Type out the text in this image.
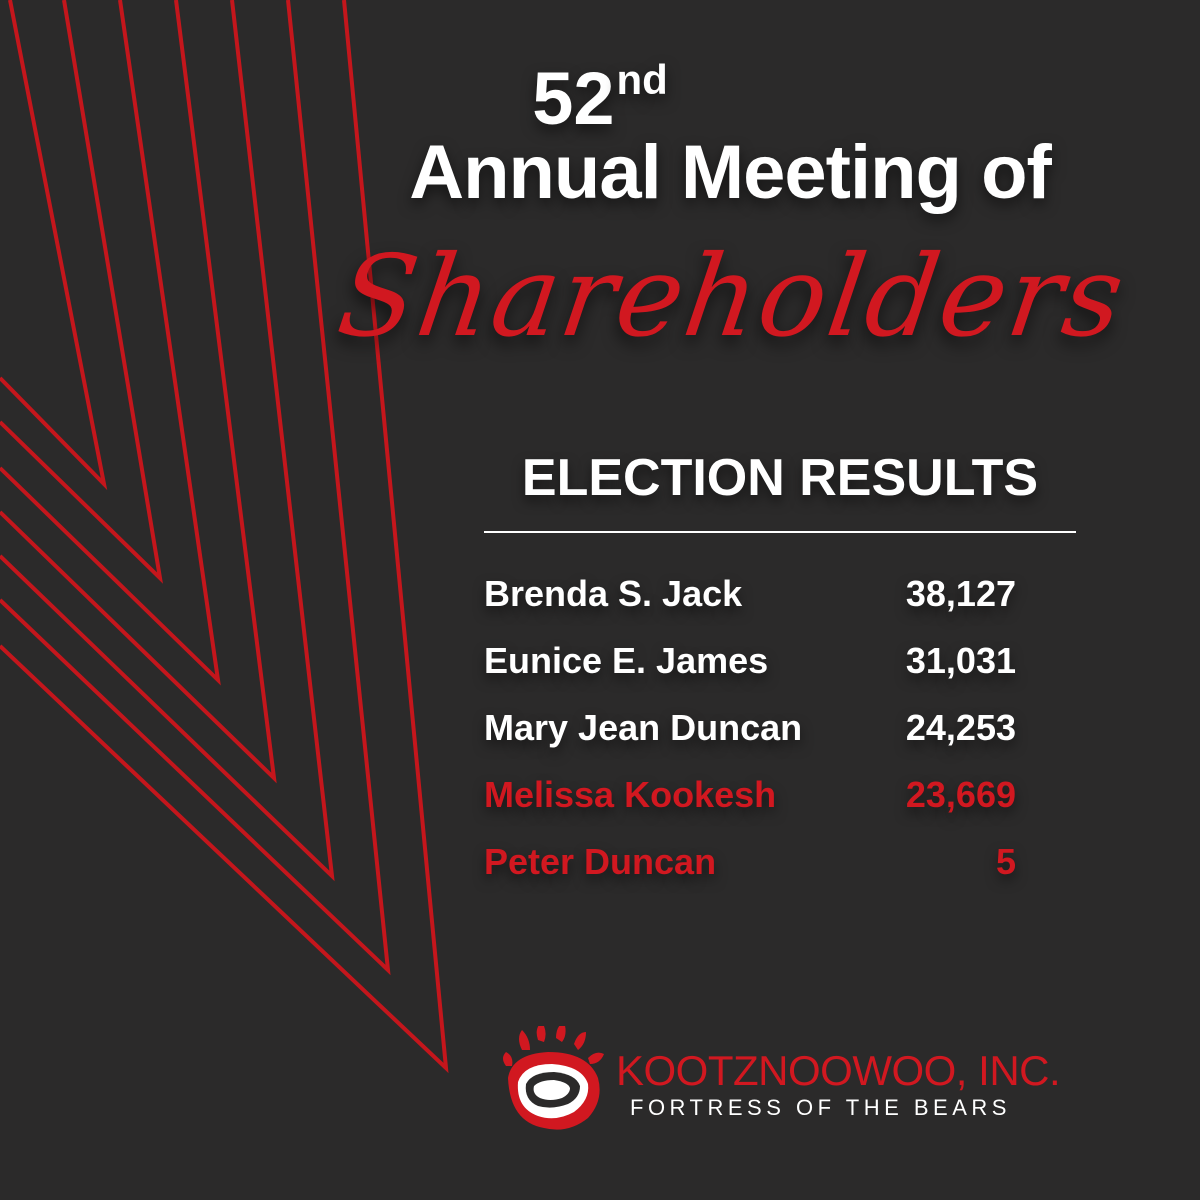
52nd
Annual Meeting of
Shareholders
ELECTION RESULTS
Brenda S. Jack	38,127
Eunice E. James	31,031
Mary Jean Duncan	24,253
Melissa Kookesh	23,669
Peter Duncan	5
KOOTZNOOWOO, INC.
FORTRESS OF THE BEARS
